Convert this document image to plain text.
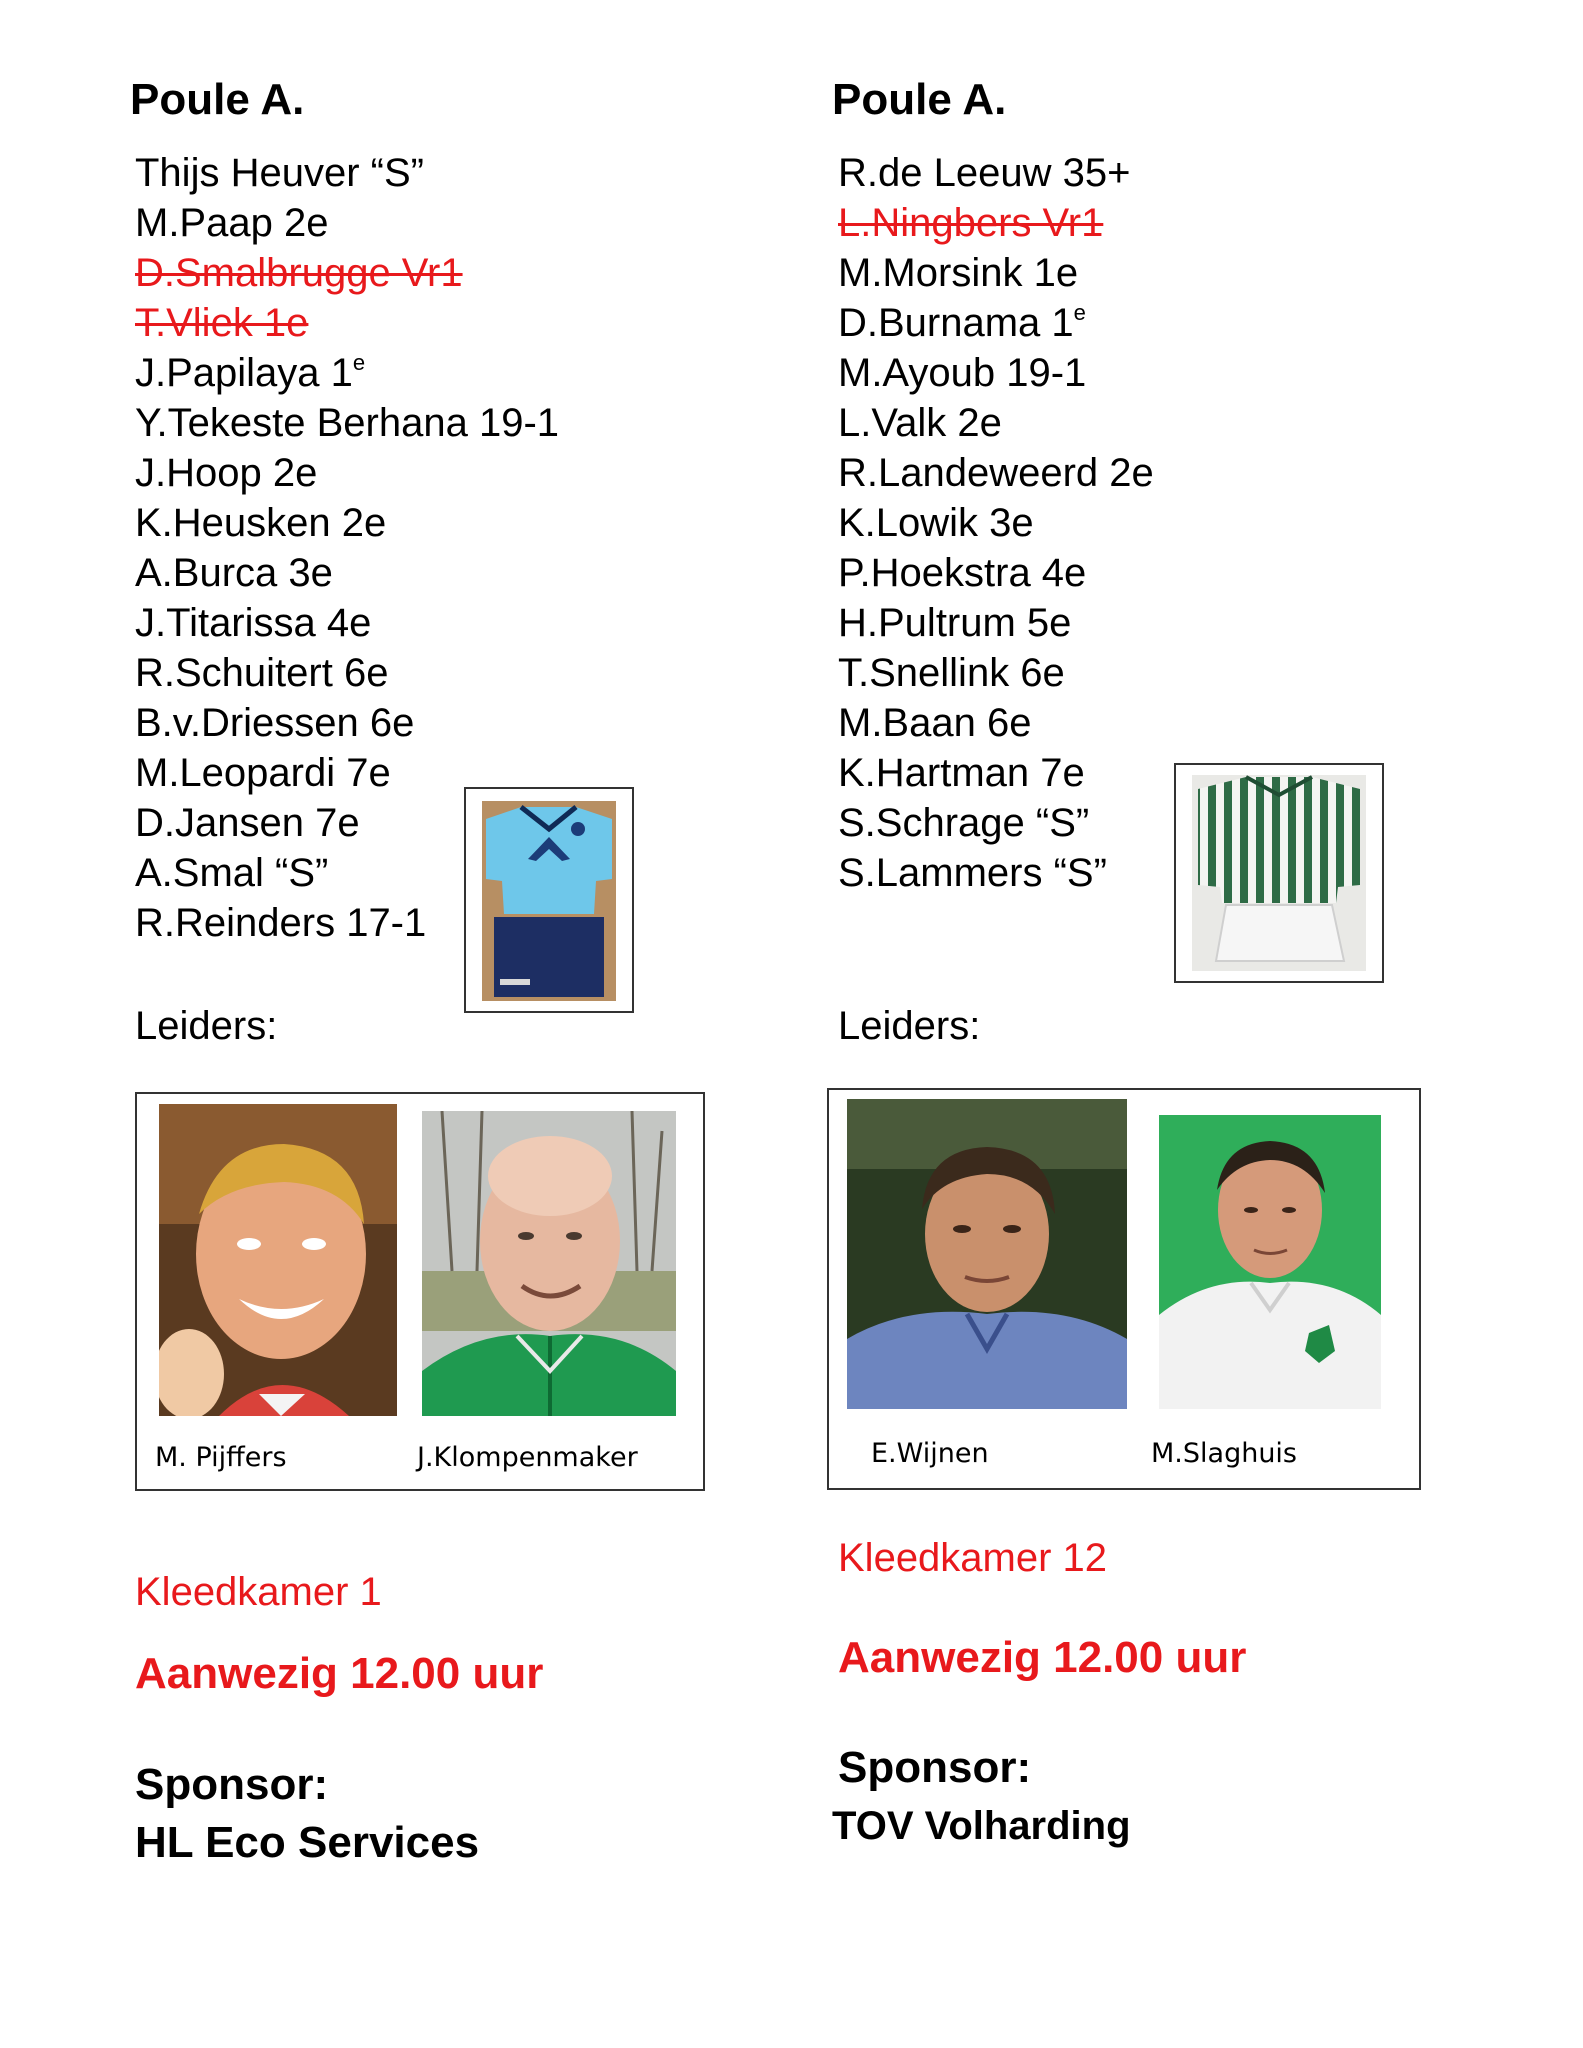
Poule A.
Thijs Heuver “S”
M.Paap 2e
D.Smalbrugge Vr1
T.Vliek 1e
J.Papilaya 1e
Y.Tekeste Berhana 19-1
J.Hoop 2e
K.Heusken 2e
A.Burca 3e
J.Titarissa 4e
R.Schuitert 6e
B.v.Driessen 6e
M.Leopardi 7e
D.Jansen 7e
A.Smal “S”
R.Reinders 17-1
Leiders:
M. Pijffers	J.Klompenmaker
Kleedkamer 1
Aanwezig 12.00 uur
Sponsor:
HL Eco Services
Poule A.
R.de Leeuw 35+
L.Ningbers Vr1
M.Morsink 1e
D.Burnama 1e
M.Ayoub 19-1
L.Valk 2e
R.Landeweerd 2e
K.Lowik 3e
P.Hoekstra 4e
H.Pultrum 5e
T.Snellink 6e
M.Baan 6e
K.Hartman 7e
S.Schrage “S”
S.Lammers “S”
Leiders:
E.Wijnen	M.Slaghuis
Kleedkamer 12
Aanwezig 12.00 uur
Sponsor:
TOV Volharding
